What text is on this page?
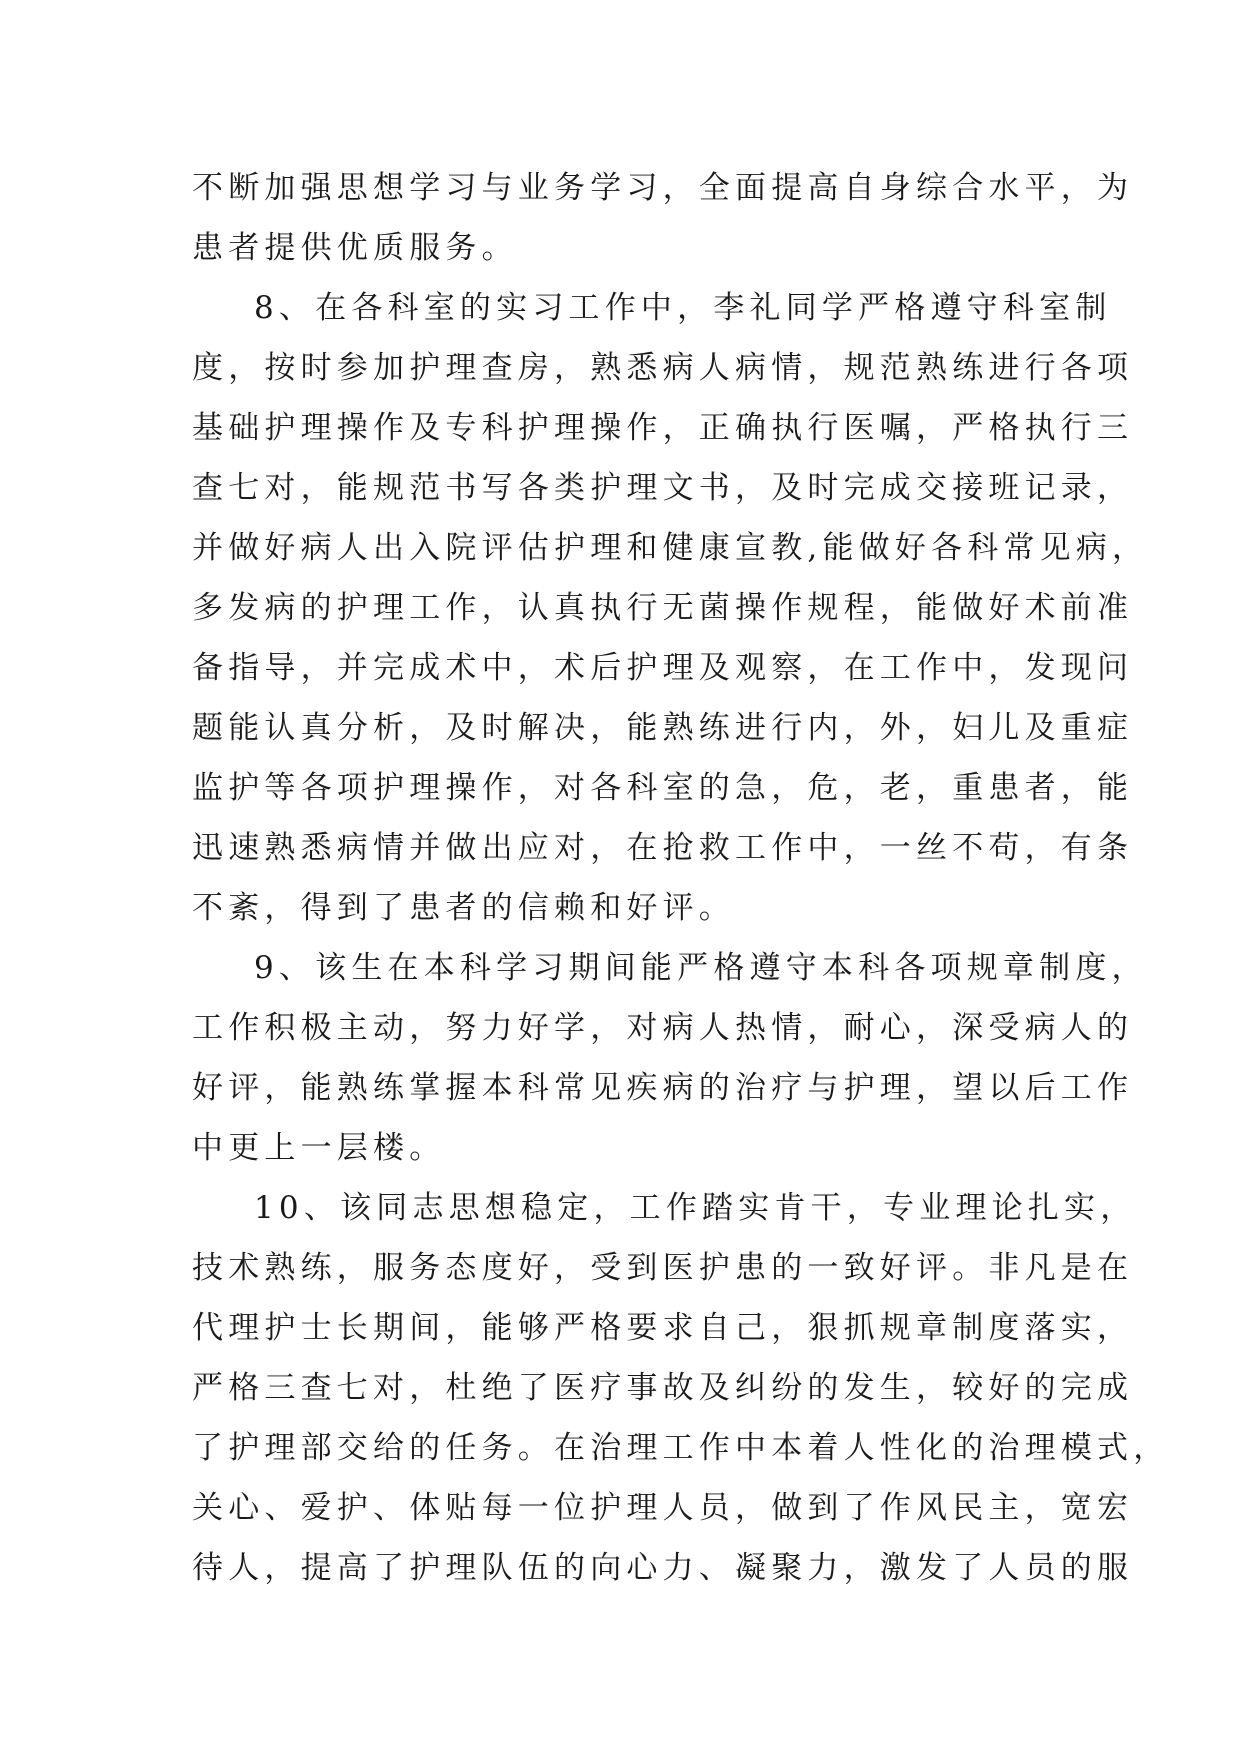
不断加强思想学习与业务学习，全面提高自身综合水平，为
患者提供优质服务。
8、在各科室的实习工作中，李礼同学严格遵守科室制
度，按时参加护理查房，熟悉病人病情，规范熟练进行各项
基础护理操作及专科护理操作，正确执行医嘱，严格执行三
查七对，能规范书写各类护理文书，及时完成交接班记录，
并做好病人出入院评估护理和健康宣教,能做好各科常见病，
多发病的护理工作，认真执行无菌操作规程，能做好术前准
备指导，并完成术中，术后护理及观察，在工作中，发现问
题能认真分析，及时解决，能熟练进行内，外，妇儿及重症
监护等各项护理操作，对各科室的急，危，老，重患者，能
迅速熟悉病情并做出应对，在抢救工作中，一丝不苟，有条
不紊，得到了患者的信赖和好评。
9、该生在本科学习期间能严格遵守本科各项规章制度，
工作积极主动，努力好学，对病人热情，耐心，深受病人的
好评，能熟练掌握本科常见疾病的治疗与护理，望以后工作
中更上一层楼。
10、该同志思想稳定，工作踏实肯干，专业理论扎实，
技术熟练，服务态度好，受到医护患的一致好评。非凡是在
代理护士长期间，能够严格要求自己，狠抓规章制度落实，
严格三查七对，杜绝了医疗事故及纠纷的发生，较好的完成
了护理部交给的任务。在治理工作中本着人性化的治理模式，
关心、爱护、体贴每一位护理人员，做到了作风民主，宽宏
待人，提高了护理队伍的向心力、凝聚力，激发了人员的服
